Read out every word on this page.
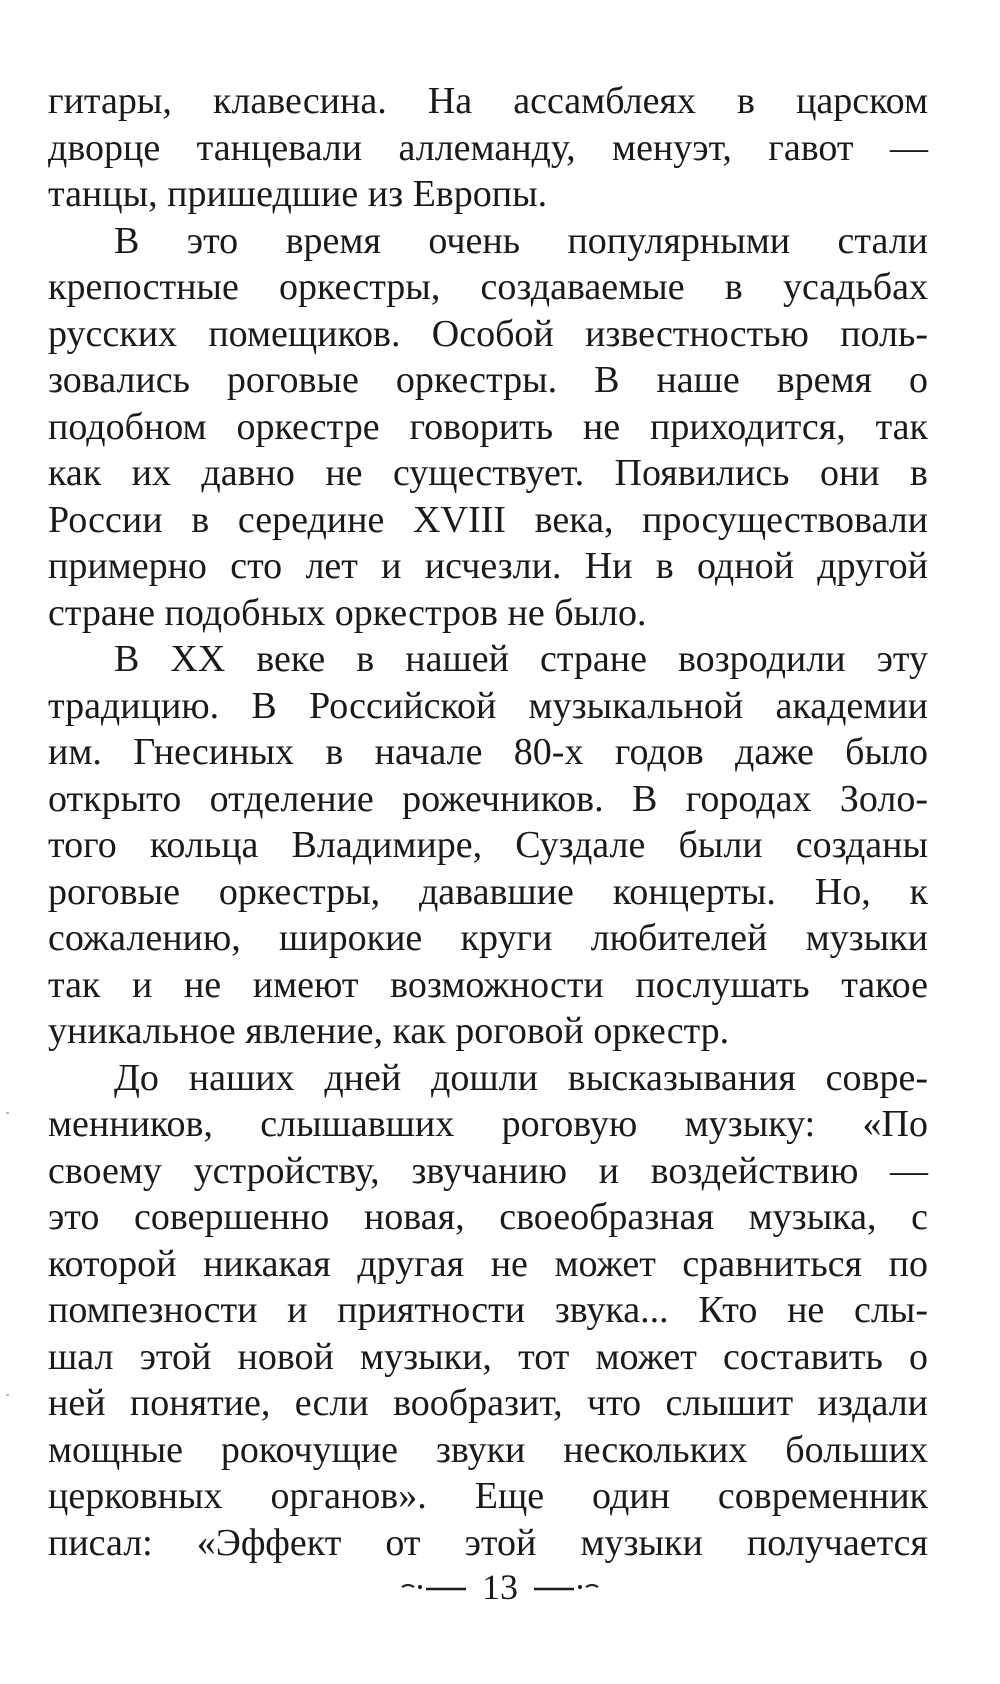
гитары, клавесина. На ассамблеях в царском
дворце танцевали аллеманду, менуэт, гавот —
танцы, пришедшие из Европы.
В это время очень популярными стали
крепостные оркестры, создаваемые в усадьбах
русских помещиков. Особой известностью поль-
зовались роговые оркестры. В наше время о
подобном оркестре говорить не приходится, так
как их давно не существует. Появились они в
России в середине XVIII века, просуществовали
примерно сто лет и исчезли. Ни в одной другой
стране подобных оркестров не было.
В XX веке в нашей стране возродили эту
традицию. В Российской музыкальной академии
им. Гнесиных в начале 80-х годов даже было
открыто отделение рожечников. В городах Золо-
того кольца Владимире, Суздале были созданы
роговые оркестры, дававшие концерты. Но, к
сожалению, широкие круги любителей музыки
так и не имеют возможности послушать такое
уникальное явление, как роговой оркестр.
До наших дней дошли высказывания совре-
менников, слышавших роговую музыку: «По
своему устройству, звучанию и воздействию —
это совершенно новая, своеобразная музыка, с
которой никакая другая не может сравниться по
помпезности и приятности звука... Кто не слы-
шал этой новой музыки, тот может составить о
ней понятие, если вообразит, что слышит издали
мощные рокочущие звуки нескольких больших
церковных органов». Еще один современник
писал: «Эффект от этой музыки получается
13
